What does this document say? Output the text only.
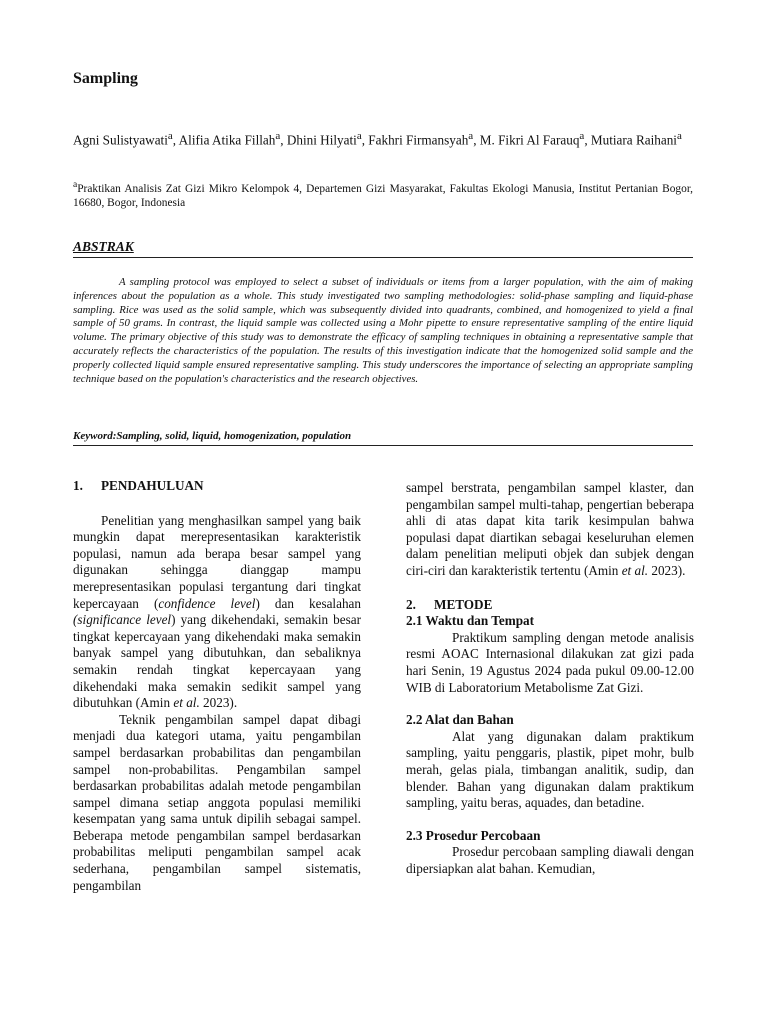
Sampling
Agni Sulistyawati$^a$, Alifia Atika Fillah$^a$, Dhini Hilyati$^a$, Fakhri Firmansyah$^a$, M. Fikri Al Farauq$^a$, Mutiara Raihani$^a$
$^a$Praktikan Analisis Zat Gizi Mikro Kelompok 4, Departemen Gizi Masyarakat, Fakultas Ekologi Manusia, Institut Pertanian Bogor, 16680, Bogor, Indonesia
ABSTRAK
A sampling protocol was employed to select a subset of individuals or items from a larger population, with the aim of making inferences about the population as a whole. This study investigated two sampling methodologies: solid-phase sampling and liquid-phase sampling. Rice was used as the solid sample, which was subsequently divided into quadrants, combined, and homogenized to yield a final sample of 50 grams. In contrast, the liquid sample was collected using a Mohr pipette to ensure representative sampling of the entire liquid volume. The primary objective of this study was to demonstrate the efficacy of sampling techniques in obtaining a representative sample that accurately reflects the characteristics of the population. The results of this investigation indicate that the homogenized solid sample and the properly collected liquid sample ensured representative sampling. This study underscores the importance of selecting an appropriate sampling technique based on the population's characteristics and the research objectives.
Keyword:Sampling, solid, liquid, homogenization, population

1. PENDAHULUAN

Penelitian yang menghasilkan sampel yang baik mungkin dapat merepresentasikan karakteristik populasi, namun ada berapa besar sampel yang digunakan sehingga dianggap mampu merepresentasikan populasi tergantung dari tingkat kepercayaan (confidence level) dan kesalahan (significance level) yang dikehendaki, semakin besar tingkat kepercayaan yang dikehendaki maka semakin banyak sampel yang dibutuhkan, dan sebaliknya semakin rendah tingkat kepercayaan yang dikehendaki maka semakin sedikit sampel yang dibutuhkan (Amin et al. 2023).

Teknik pengambilan sampel dapat dibagi menjadi dua kategori utama, yaitu pengambilan sampel berdasarkan probabilitas dan pengambilan sampel non-probabilitas. Pengambilan sampel berdasarkan probabilitas adalah metode pengambilan sampel dimana setiap anggota populasi memiliki kesempatan yang sama untuk dipilih sebagai sampel. Beberapa metode pengambilan sampel berdasarkan probabilitas meliputi pengambilan sampel acak sederhana, pengambilan sampel sistematis, pengambilan

sampel berstrata, pengambilan sampel klaster, dan pengambilan sampel multi-tahap, pengertian beberapa ahli di atas dapat kita tarik kesimpulan bahwa populasi dapat diartikan sebagai keseluruhan elemen dalam penelitian meliputi objek dan subjek dengan ciri-ciri dan karakteristik tertentu (Amin et al. 2023).

2. METODE

2.1 Waktu dan Tempat

Praktikum sampling dengan metode analisis resmi AOAC Internasional dilakukan zat gizi pada hari Senin, 19 Agustus 2024 pada pukul 09.00-12.00 WIB di Laboratorium Metabolisme Zat Gizi.

2.2 Alat dan Bahan

Alat yang digunakan dalam praktikum sampling, yaitu penggaris, plastik, pipet mohr, bulb merah, gelas piala, timbangan analitik, sudip, dan blender. Bahan yang digunakan dalam praktikum sampling, yaitu beras, aquades, dan betadine.

2.3 Prosedur Percobaan

Prosedur percobaan sampling diawali dengan dipersiapkan alat bahan. Kemudian,
